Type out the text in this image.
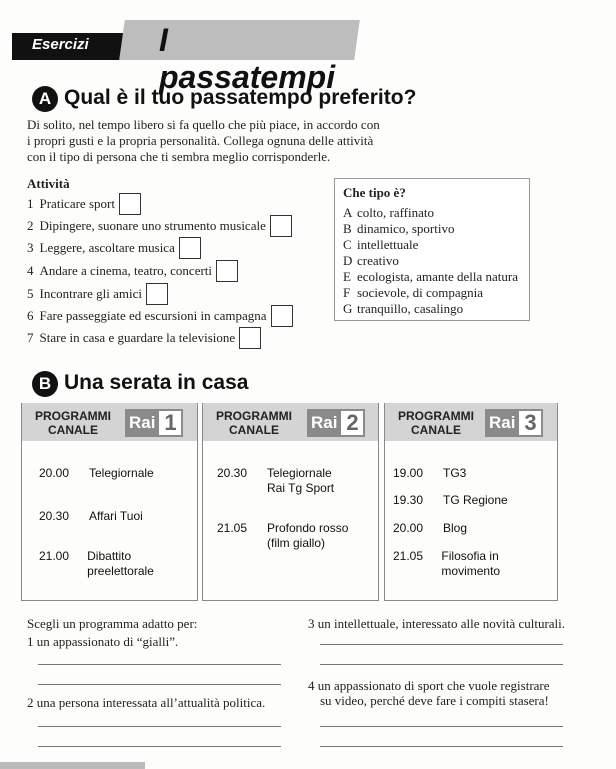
Esercizi I passatempi
A Qual è il tuo passatempo preferito?
Di solito, nel tempo libero si fa quello che più piace, in accordo con
i propri gusti e la propria personalità. Collega ognuna delle attività
con il tipo di persona che ti sembra meglio corrisponderle.
Attività
1 Praticare sport
2 Dipingere, suonare uno strumento musicale
3 Leggere, ascoltare musica
4 Andare a cinema, teatro, concerti
5 Incontrare gli amici
6 Fare passeggiate ed escursioni in campagna
7 Stare in casa e guardare la televisione
Che tipo è?
A colto, raffinato
B dinamico, sportivo
C intellettuale
D creativo
E ecologista, amante della natura
F socievole, di compagnia
G tranquillo, casalingo
B Una serata in casa
PROGRAMMI
CANALE	Rai 1
20.00	Telegiornale
20.30	Affari Tuoi
21.00	Dibattito preelettorale
PROGRAMMI
CANALE	Rai 2
20.30	Telegiornale
Rai Tg Sport
21.05	Profondo rosso
(film giallo)
PROGRAMMI
CANALE	Rai 3
19.00	TG3
19.30	TG Regione
20.00	Blog
21.05	Filosofia in movimento
Scegli un programma adatto per:
1 un appassionato di “gialli”.
2 una persona interessata all’attualità politica.
3 un intellettuale, interessato alle novità culturali.
4 un appassionato di sport che vuole registrare
su video, perché deve fare i compiti stasera!
